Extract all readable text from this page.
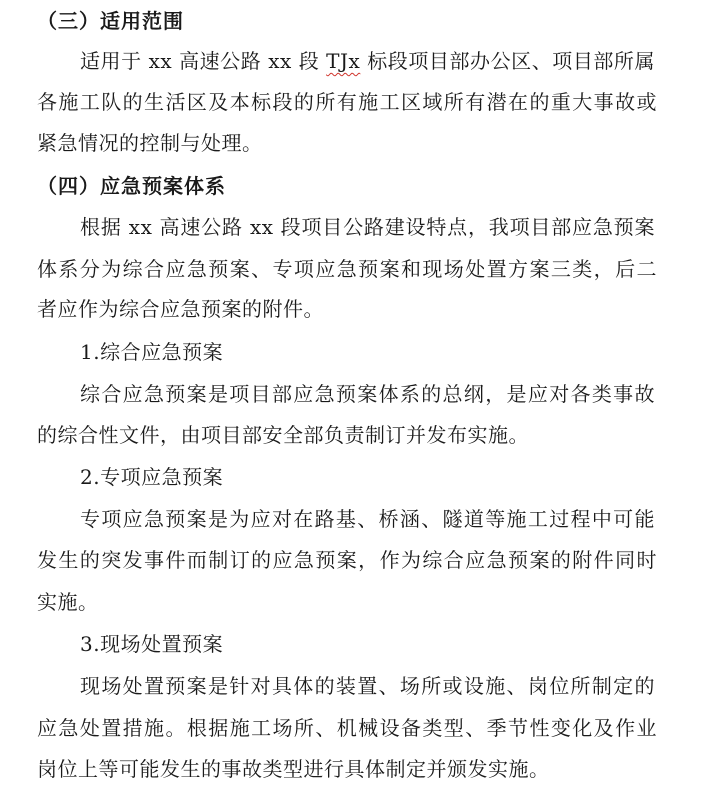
（三）适用范围
适用于 xx 高速公路 xx 段 TJx 标段项目部办公区、项目部所属
各施工队的生活区及本标段的所有施工区域所有潜在的重大事故或
紧急情况的控制与处理。
（四）应急预案体系
根据 xx 高速公路 xx 段项目公路建设特点，我项目部应急预案
体系分为综合应急预案、专项应急预案和现场处置方案三类，后二
者应作为综合应急预案的附件。
1.综合应急预案
综合应急预案是项目部应急预案体系的总纲，是应对各类事故
的综合性文件，由项目部安全部负责制订并发布实施。
2.专项应急预案
专项应急预案是为应对在路基、桥涵、隧道等施工过程中可能
发生的突发事件而制订的应急预案，作为综合应急预案的附件同时
实施。
3.现场处置预案
现场处置预案是针对具体的装置、场所或设施、岗位所制定的
应急处置措施。根据施工场所、机械设备类型、季节性变化及作业
岗位上等可能发生的事故类型进行具体制定并颁发实施。
